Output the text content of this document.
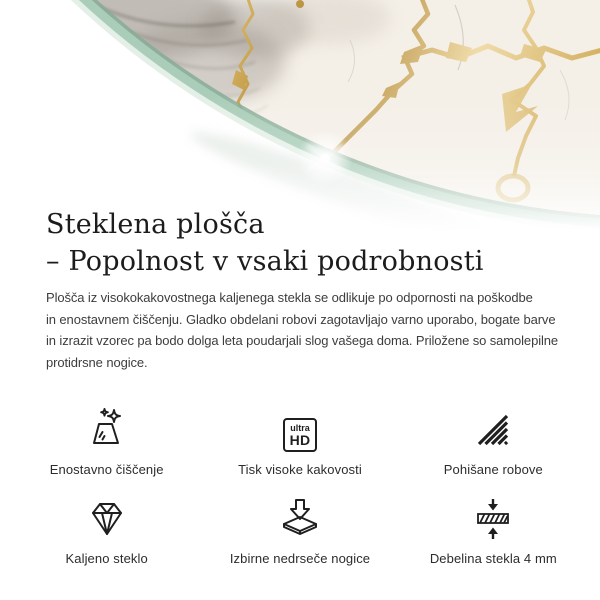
Steklena plošča
– Popolnost v vsaki podrobnosti
Plošča iz visokokakovostnega kaljenega stekla se odlikuje po odpornosti na poškodbe
in enostavnem čiščenju. Gladko obdelani robovi zagotavljajo varno uporabo, bogate barve
in izrazit vzorec pa bodo dolga leta poudarjali slog vašega doma. Priložene so samolepilne
protidrsne nogice.
Enostavno čiščenje
ultra
HD
Tisk visoke kakovosti	Pohišane robove
Kaljeno steklo	Izbirne nedrseče nogice	Debelina stekla 4 mm
